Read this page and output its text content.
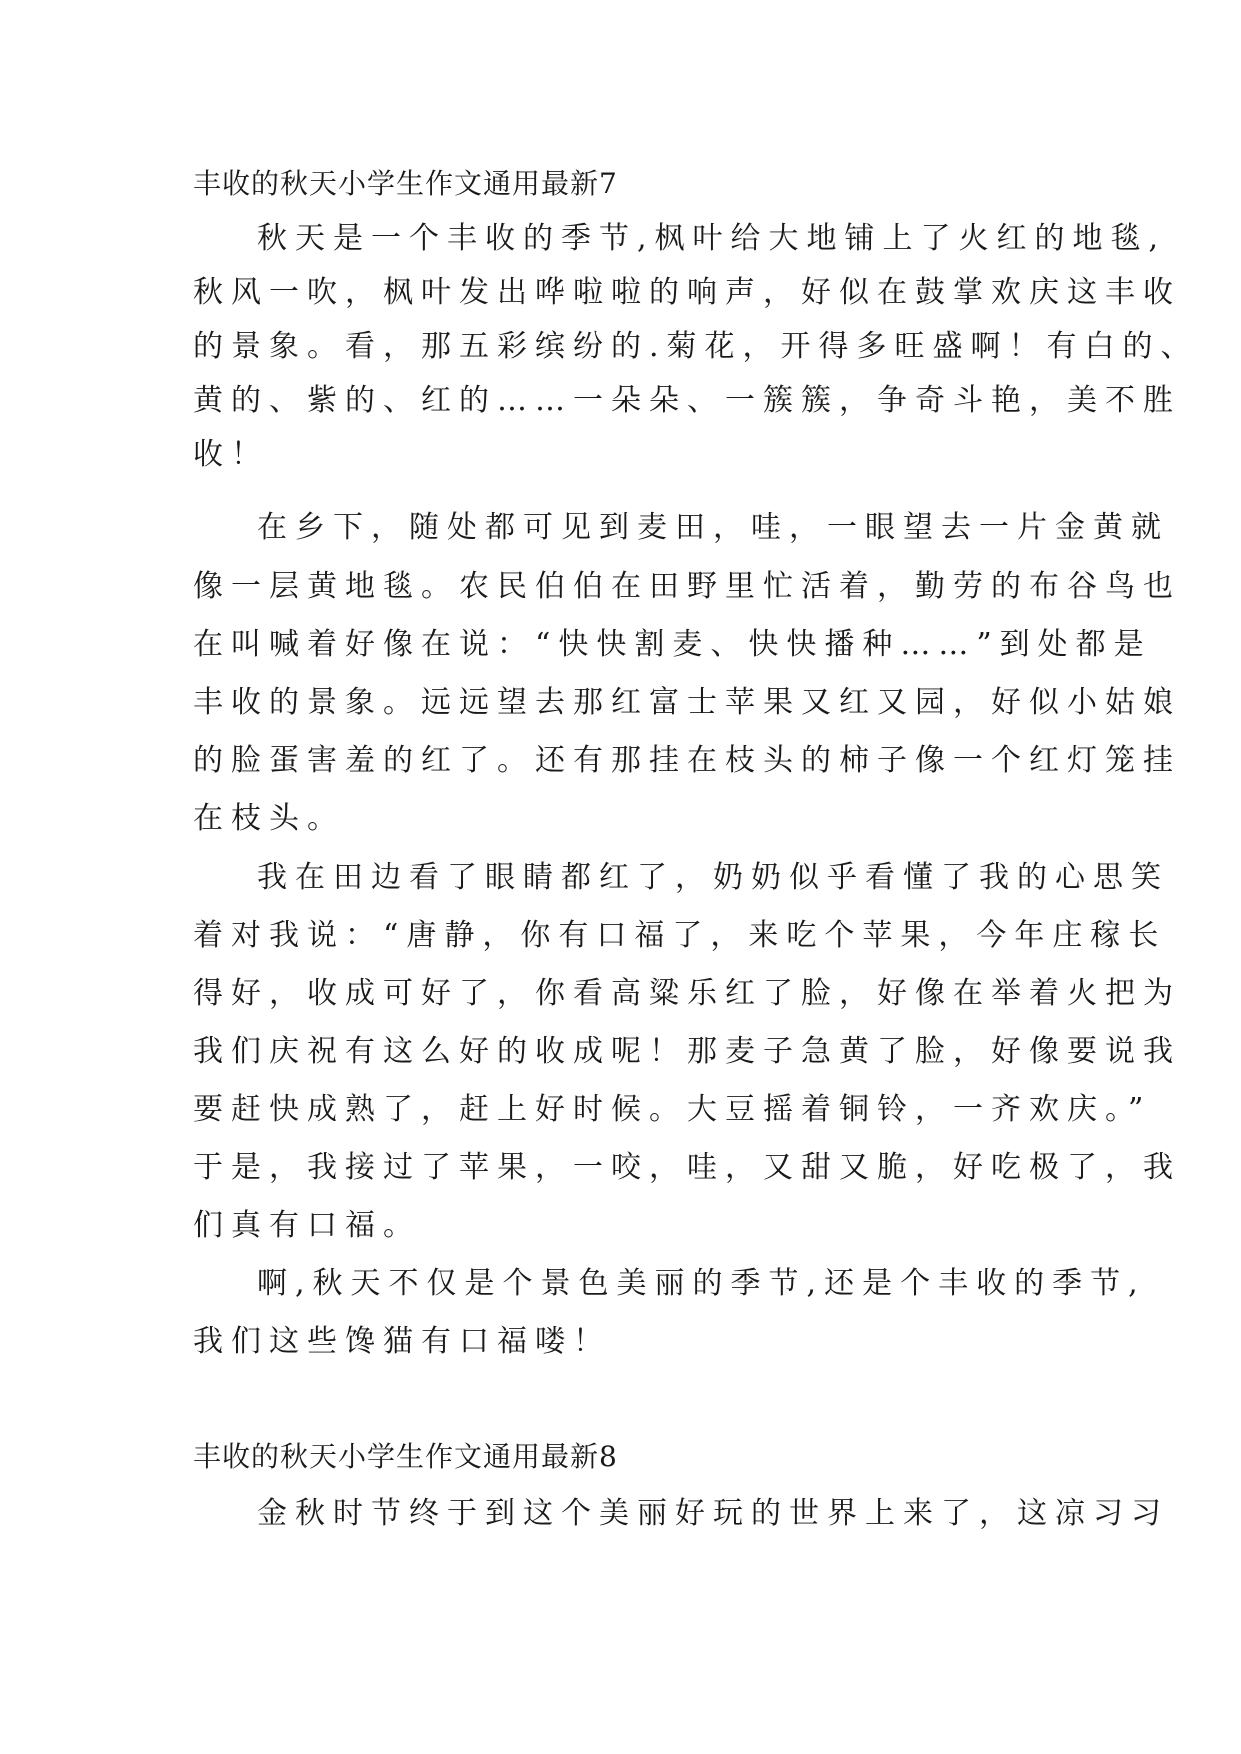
丰收的秋天小学生作文通用最新7
秋天是一个丰收的季节,枫叶给大地铺上了火红的地毯,
秋风一吹，枫叶发出哗啦啦的响声，好似在鼓掌欢庆这丰收
的景象。看，那五彩缤纷的.菊花，开得多旺盛啊！有白的、
黄的、紫的、红的……一朵朵、一簇簇，争奇斗艳，美不胜
收！
在乡下，随处都可见到麦田，哇，一眼望去一片金黄就
像一层黄地毯。农民伯伯在田野里忙活着，勤劳的布谷鸟也
在叫喊着好像在说：“快快割麦、快快播种……”到处都是
丰收的景象。远远望去那红富士苹果又红又园，好似小姑娘
的脸蛋害羞的红了。还有那挂在枝头的柿子像一个红灯笼挂
在枝头。
我在田边看了眼睛都红了，奶奶似乎看懂了我的心思笑
着对我说：“唐静，你有口福了，来吃个苹果，今年庄稼长
得好，收成可好了，你看高粱乐红了脸，好像在举着火把为
我们庆祝有这么好的收成呢！那麦子急黄了脸，好像要说我
要赶快成熟了，赶上好时候。大豆摇着铜铃，一齐欢庆。”
于是，我接过了苹果，一咬，哇，又甜又脆，好吃极了，我
们真有口福。
啊,秋天不仅是个景色美丽的季节,还是个丰收的季节,
我们这些馋猫有口福喽！
丰收的秋天小学生作文通用最新8
金秋时节终于到这个美丽好玩的世界上来了，这凉习习
